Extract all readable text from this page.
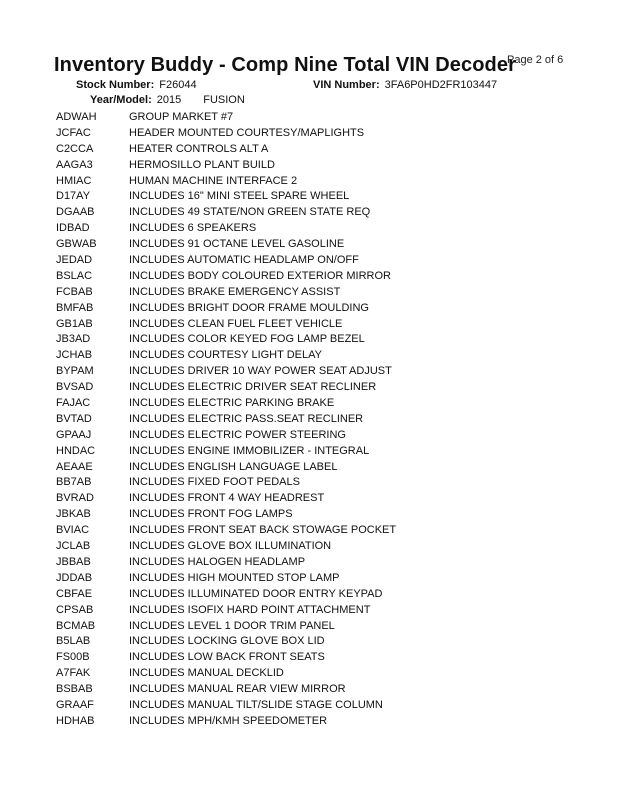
Page 2 of 6
Inventory Buddy - Comp Nine Total VIN Decoder
Stock Number: F26044	VIN Number: 3FA6P0HD2FR103447
Year/Model: 2015 FUSION
ADWAH	GROUP MARKET #7
JCFAC	HEADER MOUNTED COURTESY/MAPLIGHTS
C2CCA	HEATER CONTROLS ALT A
AAGA3	HERMOSILLO PLANT BUILD
HMIAC	HUMAN MACHINE INTERFACE 2
D17AY	INCLUDES 16" MINI STEEL SPARE WHEEL
DGAAB	INCLUDES 49 STATE/NON GREEN STATE REQ
IDBAD	INCLUDES 6 SPEAKERS
GBWAB	INCLUDES 91 OCTANE LEVEL GASOLINE
JEDAD	INCLUDES AUTOMATIC HEADLAMP ON/OFF
BSLAC	INCLUDES BODY COLOURED EXTERIOR MIRROR
FCBAB	INCLUDES BRAKE EMERGENCY ASSIST
BMFAB	INCLUDES BRIGHT DOOR FRAME MOULDING
GB1AB	INCLUDES CLEAN FUEL FLEET VEHICLE
JB3AD	INCLUDES COLOR KEYED FOG LAMP BEZEL
JCHAB	INCLUDES COURTESY LIGHT DELAY
BYPAM	INCLUDES DRIVER 10 WAY POWER SEAT ADJUST
BVSAD	INCLUDES ELECTRIC DRIVER SEAT RECLINER
FAJAC	INCLUDES ELECTRIC PARKING BRAKE
BVTAD	INCLUDES ELECTRIC PASS.SEAT RECLINER
GPAAJ	INCLUDES ELECTRIC POWER STEERING
HNDAC	INCLUDES ENGINE IMMOBILIZER - INTEGRAL
AEAAE	INCLUDES ENGLISH LANGUAGE LABEL
BB7AB	INCLUDES FIXED FOOT PEDALS
BVRAD	INCLUDES FRONT 4 WAY HEADREST
JBKAB	INCLUDES FRONT FOG LAMPS
BVIAC	INCLUDES FRONT SEAT BACK STOWAGE POCKET
JCLAB	INCLUDES GLOVE BOX ILLUMINATION
JBBAB	INCLUDES HALOGEN HEADLAMP
JDDAB	INCLUDES HIGH MOUNTED STOP LAMP
CBFAE	INCLUDES ILLUMINATED DOOR ENTRY KEYPAD
CPSAB	INCLUDES ISOFIX HARD POINT ATTACHMENT
BCMAB	INCLUDES LEVEL 1 DOOR TRIM PANEL
B5LAB	INCLUDES LOCKING GLOVE BOX LID
FS00B	INCLUDES LOW BACK FRONT SEATS
A7FAK	INCLUDES MANUAL DECKLID
BSBAB	INCLUDES MANUAL REAR VIEW MIRROR
GRAAF	INCLUDES MANUAL TILT/SLIDE STAGE COLUMN
HDHAB	INCLUDES MPH/KMH SPEEDOMETER
